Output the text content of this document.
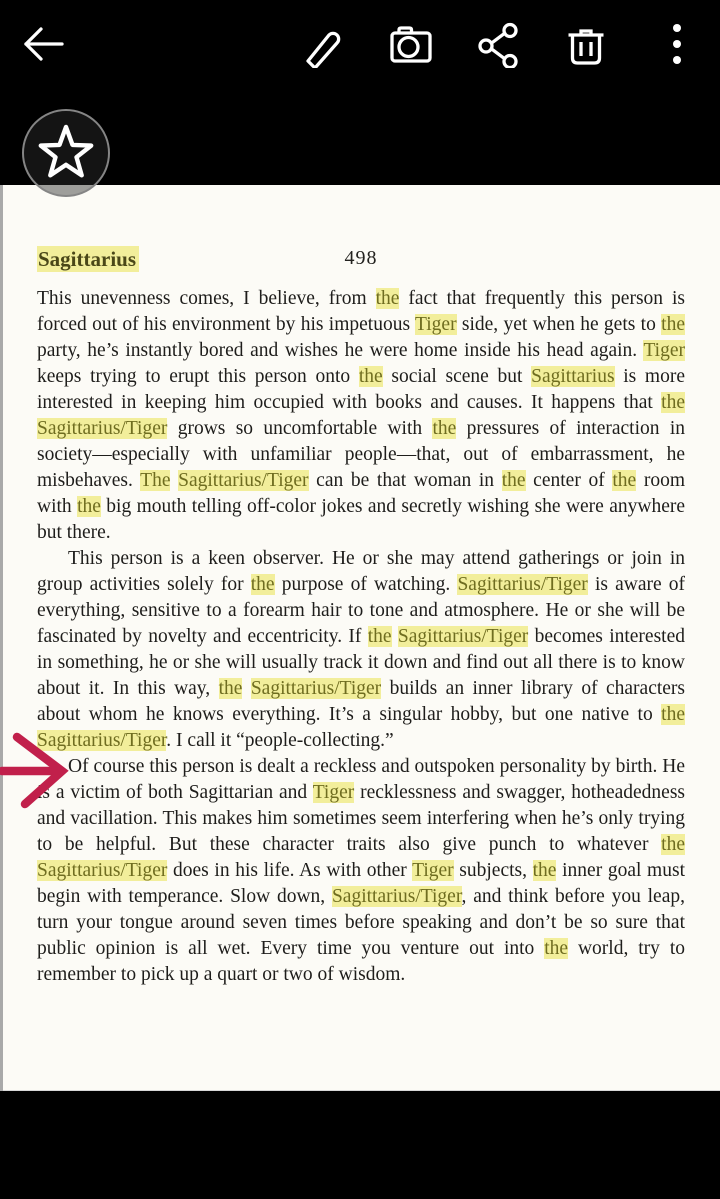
Sagittarius	498

This unevenness comes, I believe, from the fact that frequently this person is forced out of his environment by his impetuous Tiger side, yet when he gets to the party, he’s instantly bored and wishes he were home inside his head again. Tiger keeps trying to erupt this person onto the social scene but Sagittarius is more interested in keeping him occupied with books and causes. It happens that the Sagittarius/Tiger grows so uncomfortable with the pressures of interaction in society—especially with unfamiliar people—that, out of embarrassment, he misbehaves. The Sagittarius/Tiger can be that woman in the center of the room with the big mouth telling off-color jokes and secretly wishing she were anywhere but there.

This person is a keen observer. He or she may attend gatherings or join in group activities solely for the purpose of watching. Sagittarius/Tiger is aware of everything, sensitive to a forearm hair to tone and atmosphere. He or she will be fascinated by novelty and eccentricity. If the Sagittarius/Tiger becomes interested in something, he or she will usually track it down and find out all there is to know about it. In this way, the Sagittarius/Tiger builds an inner library of characters about whom he knows everything. It’s a singular hobby, but one native to the Sagittarius/Tiger. I call it “people-collecting.”

Of course this person is dealt a reckless and outspoken personality by birth. He is a victim of both Sagittarian and Tiger recklessness and swagger, hotheadedness and vacillation. This makes him sometimes seem interfering when he’s only trying to be helpful. But these character traits also give punch to whatever the Sagittarius/Tiger does in his life. As with other Tiger subjects, the inner goal must begin with temperance. Slow down, Sagittarius/Tiger, and think before you leap, turn your tongue around seven times before speaking and don’t be so sure that public opinion is all wet. Every time you venture out into the world, try to remember to pick up a quart or two of wisdom.
